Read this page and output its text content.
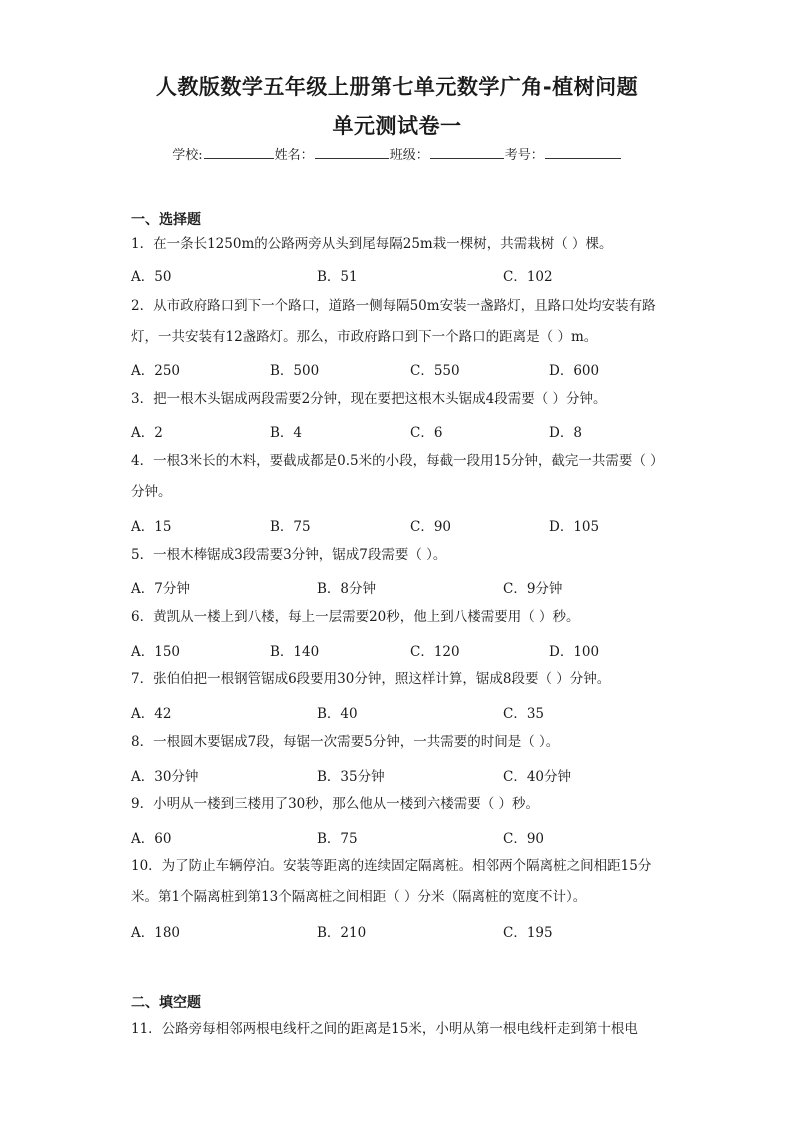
人教版数学五年级上册第七单元数学广角-植树问题
单元测试卷一
学校:	姓名：	班级：	考号：
一、选择题

1．在一条长1250m的公路两旁从头到尾每隔25m栽一棵树，共需栽树（ ）棵。

A．50	B．51	C．102

2．从市政府路口到下一个路口，道路一侧每隔50m安装一盏路灯，且路口处均安装有路灯，一共安装有12盏路灯。那么，市政府路口到下一个路口的距离是（ ）m。

A．250	B．500	C．550	D．600

3．把一根木头锯成两段需要2分钟，现在要把这根木头锯成4段需要（ ）分钟。

A．2	B．4	C．6	D．8

4．一根3米长的木料，要截成都是0.5米的小段，每截一段用15分钟，截完一共需要（ ）分钟。

A．15	B．75	C．90	D．105

5．一根木棒锯成3段需要3分钟，锯成7段需要（ ）。

A．7分钟	B．8分钟	C．9分钟

6．黄凯从一楼上到八楼，每上一层需要20秒，他上到八楼需要用（ ）秒。

A．150	B．140	C．120	D．100

7．张伯伯把一根钢管锯成6段要用30分钟，照这样计算，锯成8段要（ ）分钟。

A．42	B．40	C．35

8．一根圆木要锯成7段，每锯一次需要5分钟，一共需要的时间是（ ）。

A．30分钟	B．35分钟	C．40分钟

9．小明从一楼到三楼用了30秒，那么他从一楼到六楼需要（ ）秒。

A．60	B．75	C．90

10．为了防止车辆停泊。安装等距离的连续固定隔离桩。相邻两个隔离桩之间相距15分米。第1个隔离桩到第13个隔离桩之间相距（ ）分米（隔离桩的宽度不计）。

A．180	B．210	C．195
二、填空题

11．公路旁每相邻两根电线杆之间的距离是15米，小明从第一根电线杆走到第十根电
